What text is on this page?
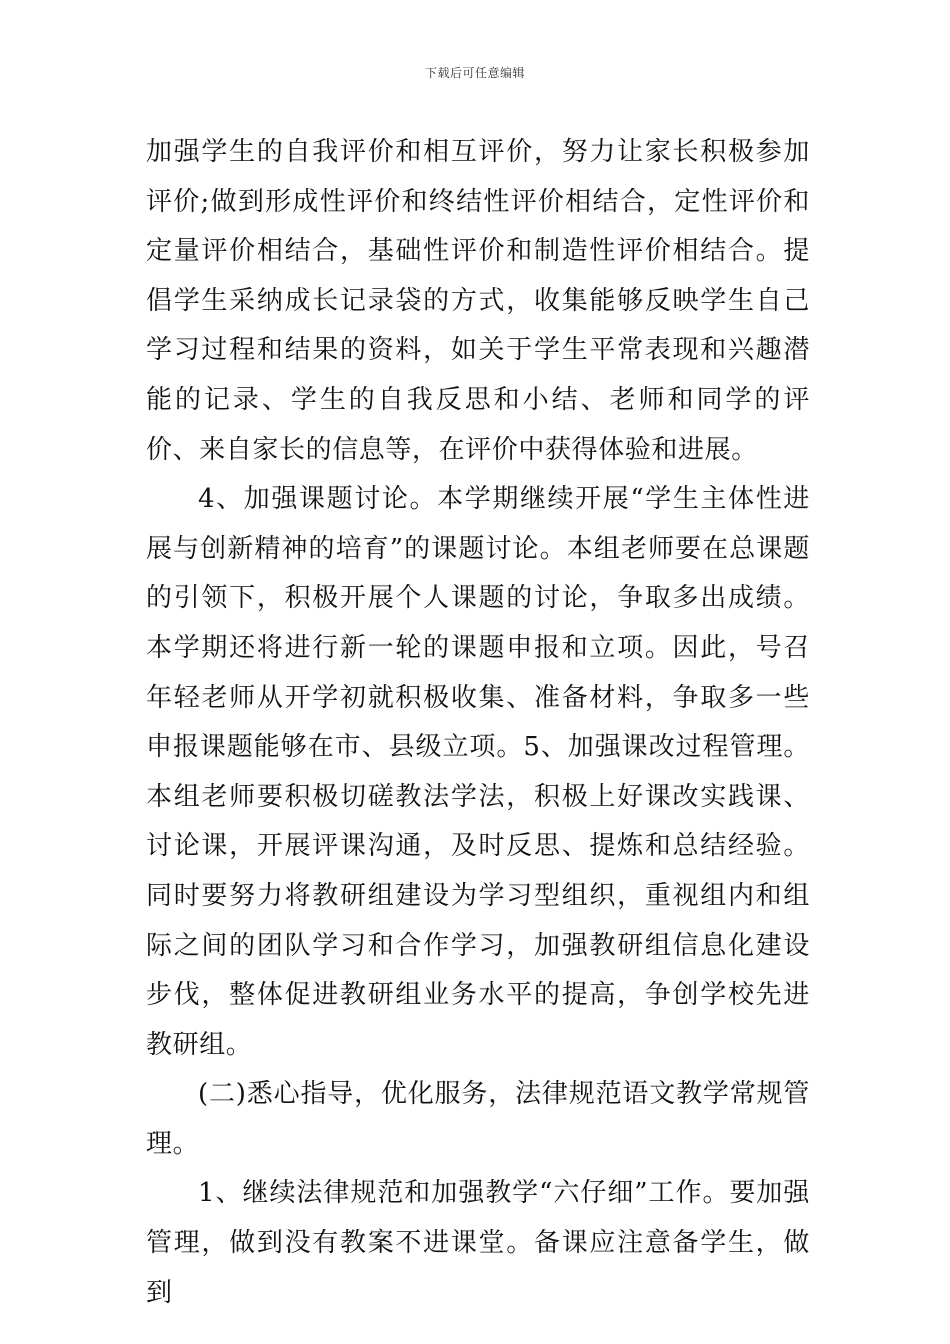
下载后可任意编辑

加强学生的自我评价和相互评价，努力让家长积极参加评价;做到形成性评价和终结性评价相结合，定性评价和定量评价相结合，基础性评价和制造性评价相结合。提倡学生采纳成长记录袋的方式，收集能够反映学生自己学习过程和结果的资料，如关于学生平常表现和兴趣潜能的记录、学生的自我反思和小结、老师和同学的评价、来自家长的信息等，在评价中获得体验和进展。

4、加强课题讨论。本学期继续开展“学生主体性进展与创新精神的培育”的课题讨论。本组老师要在总课题的引领下，积极开展个人课题的讨论，争取多出成绩。本学期还将进行新一轮的课题申报和立项。因此，号召年轻老师从开学初就积极收集、准备材料，争取多一些申报课题能够在市、县级立项。5、加强课改过程管理。本组老师要积极切磋教法学法，积极上好课改实践课、讨论课，开展评课沟通，及时反思、提炼和总结经验。同时要努力将教研组建设为学习型组织，重视组内和组际之间的团队学习和合作学习，加强教研组信息化建设步伐，整体促进教研组业务水平的提高，争创学校先进教研组。

(二)悉心指导，优化服务，法律规范语文教学常规管理。

1、继续法律规范和加强教学“六仔细”工作。要加强管理，做到没有教案不进课堂。备课应注意备学生，做到
